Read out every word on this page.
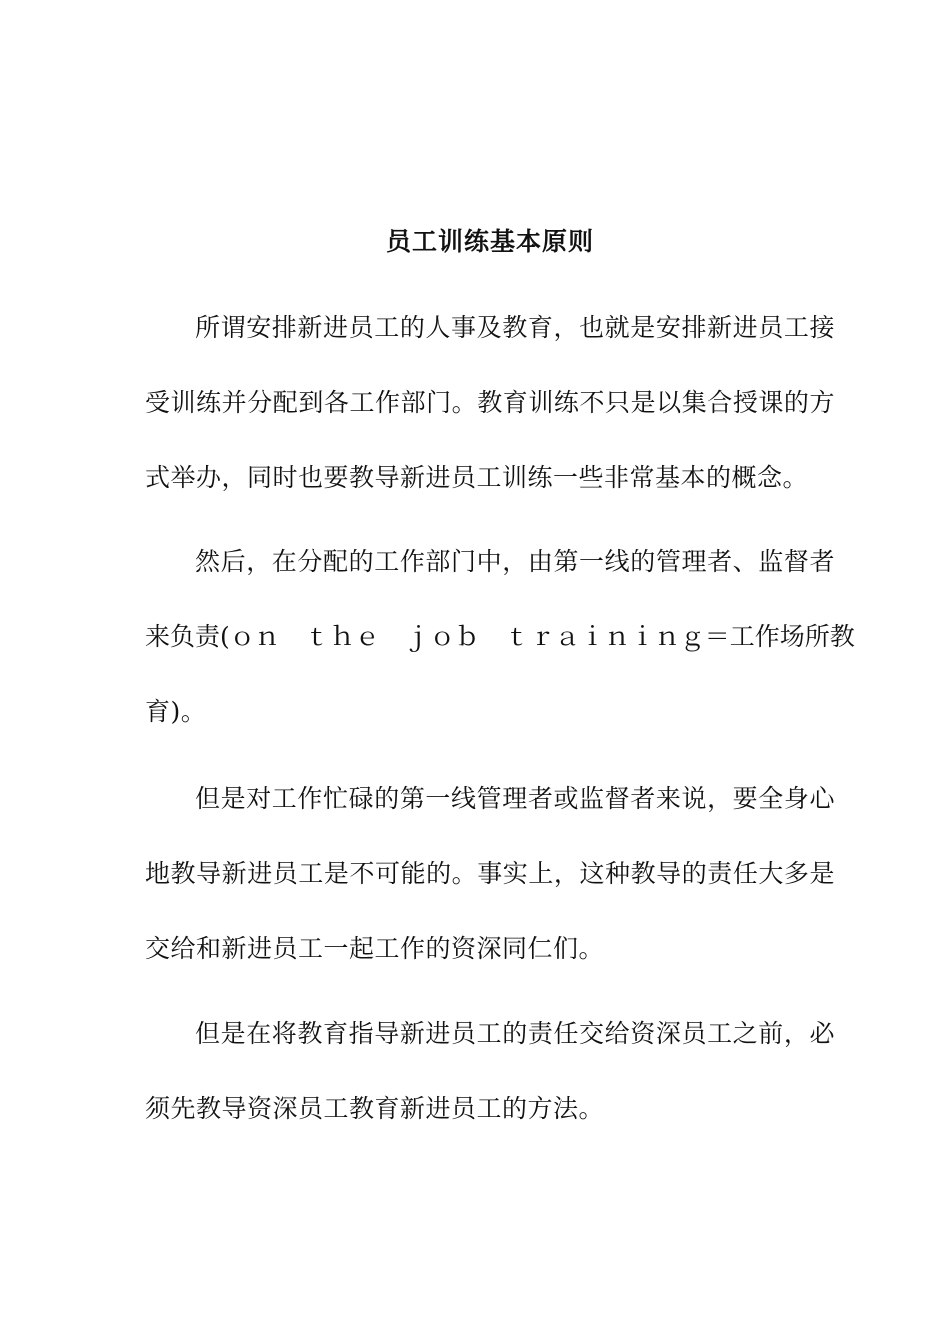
员工训练基本原则
所谓安排新进员工的人事及教育，也就是安排新进员工接
受训练并分配到各工作部门。教育训练不只是以集合授课的方
式举办，同时也要教导新进员工训练一些非常基本的概念。
然后，在分配的工作部门中，由第一线的管理者、监督者
来负责(ｏｎ　ｔｈｅ　ｊｏｂ　ｔｒａｉｎｉｎｇ＝工作场所教
育)。
但是对工作忙碌的第一线管理者或监督者来说，要全身心
地教导新进员工是不可能的。事实上，这种教导的责任大多是
交给和新进员工一起工作的资深同仁们。
但是在将教育指导新进员工的责任交给资深员工之前，必
须先教导资深员工教育新进员工的方法。
